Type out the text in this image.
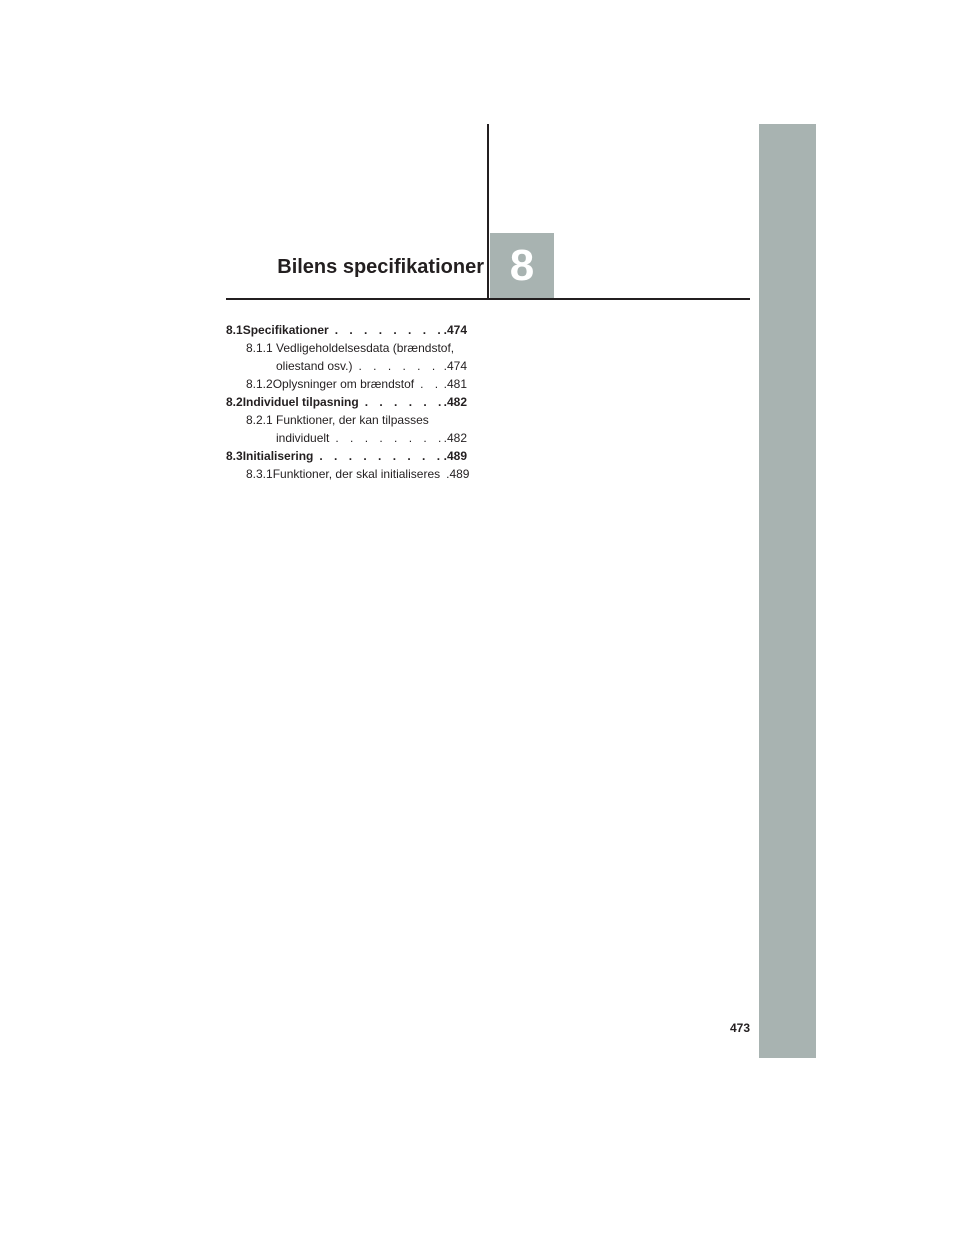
Bilens specifikationer 8
8.1 Specifikationer . . .	.474
8.1.1 Vedligeholdelsesdata (brændstof,
oliestand osv.) . . .	.474
8.1.2 Oplysninger om brændstof . . . .481
8.2 Individuel tilpasning . . .	.482
8.2.1 Funktioner, der kan tilpasses
individuelt . . .	.482
8.3 Initialisering . . .	.489
8.3.1 Funktioner, der skal initialiseres . . . .489
473
